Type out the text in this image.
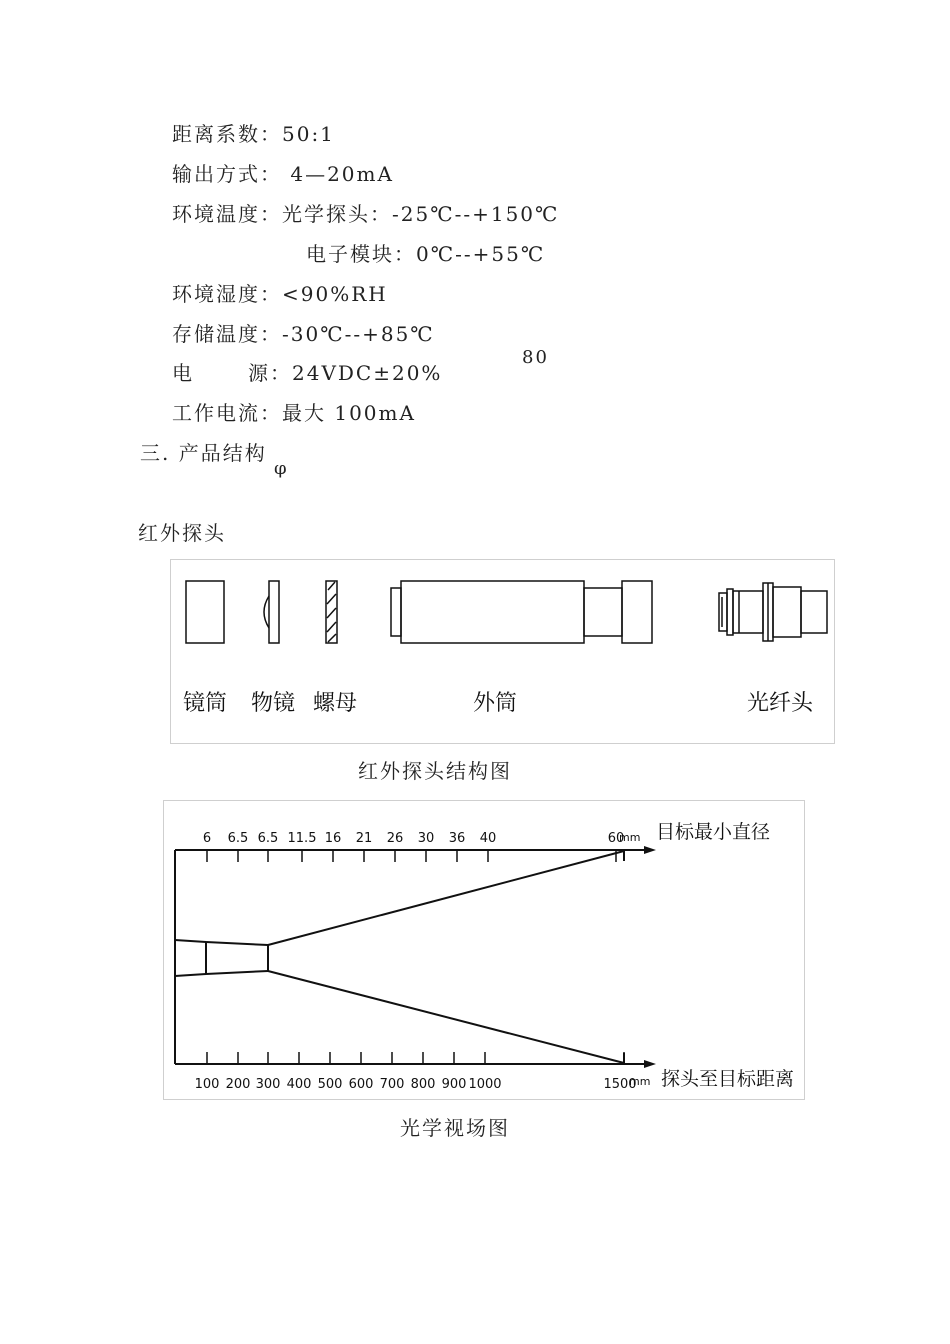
距离系数：50:1
输出方式： 4—20mA
环境温度：光学探头：-25℃--+150℃
电子模块：0℃--+55℃
环境湿度：<90%RH
存储温度：-30℃--+85℃
电	源：24VDC±20%
80
工作电流：最大 100mA
三. 产品结构
φ
红外探头
镜筒 物镜 螺母	外筒	光纤头
红外探头结构图
6 6.5 6.5 11.5 16 21 26 30 36 40	60
100 200 300 400 500 600 700 800 900 1000	1500
mm
mm
目标最小直径
探头至目标距离
光学视场图
